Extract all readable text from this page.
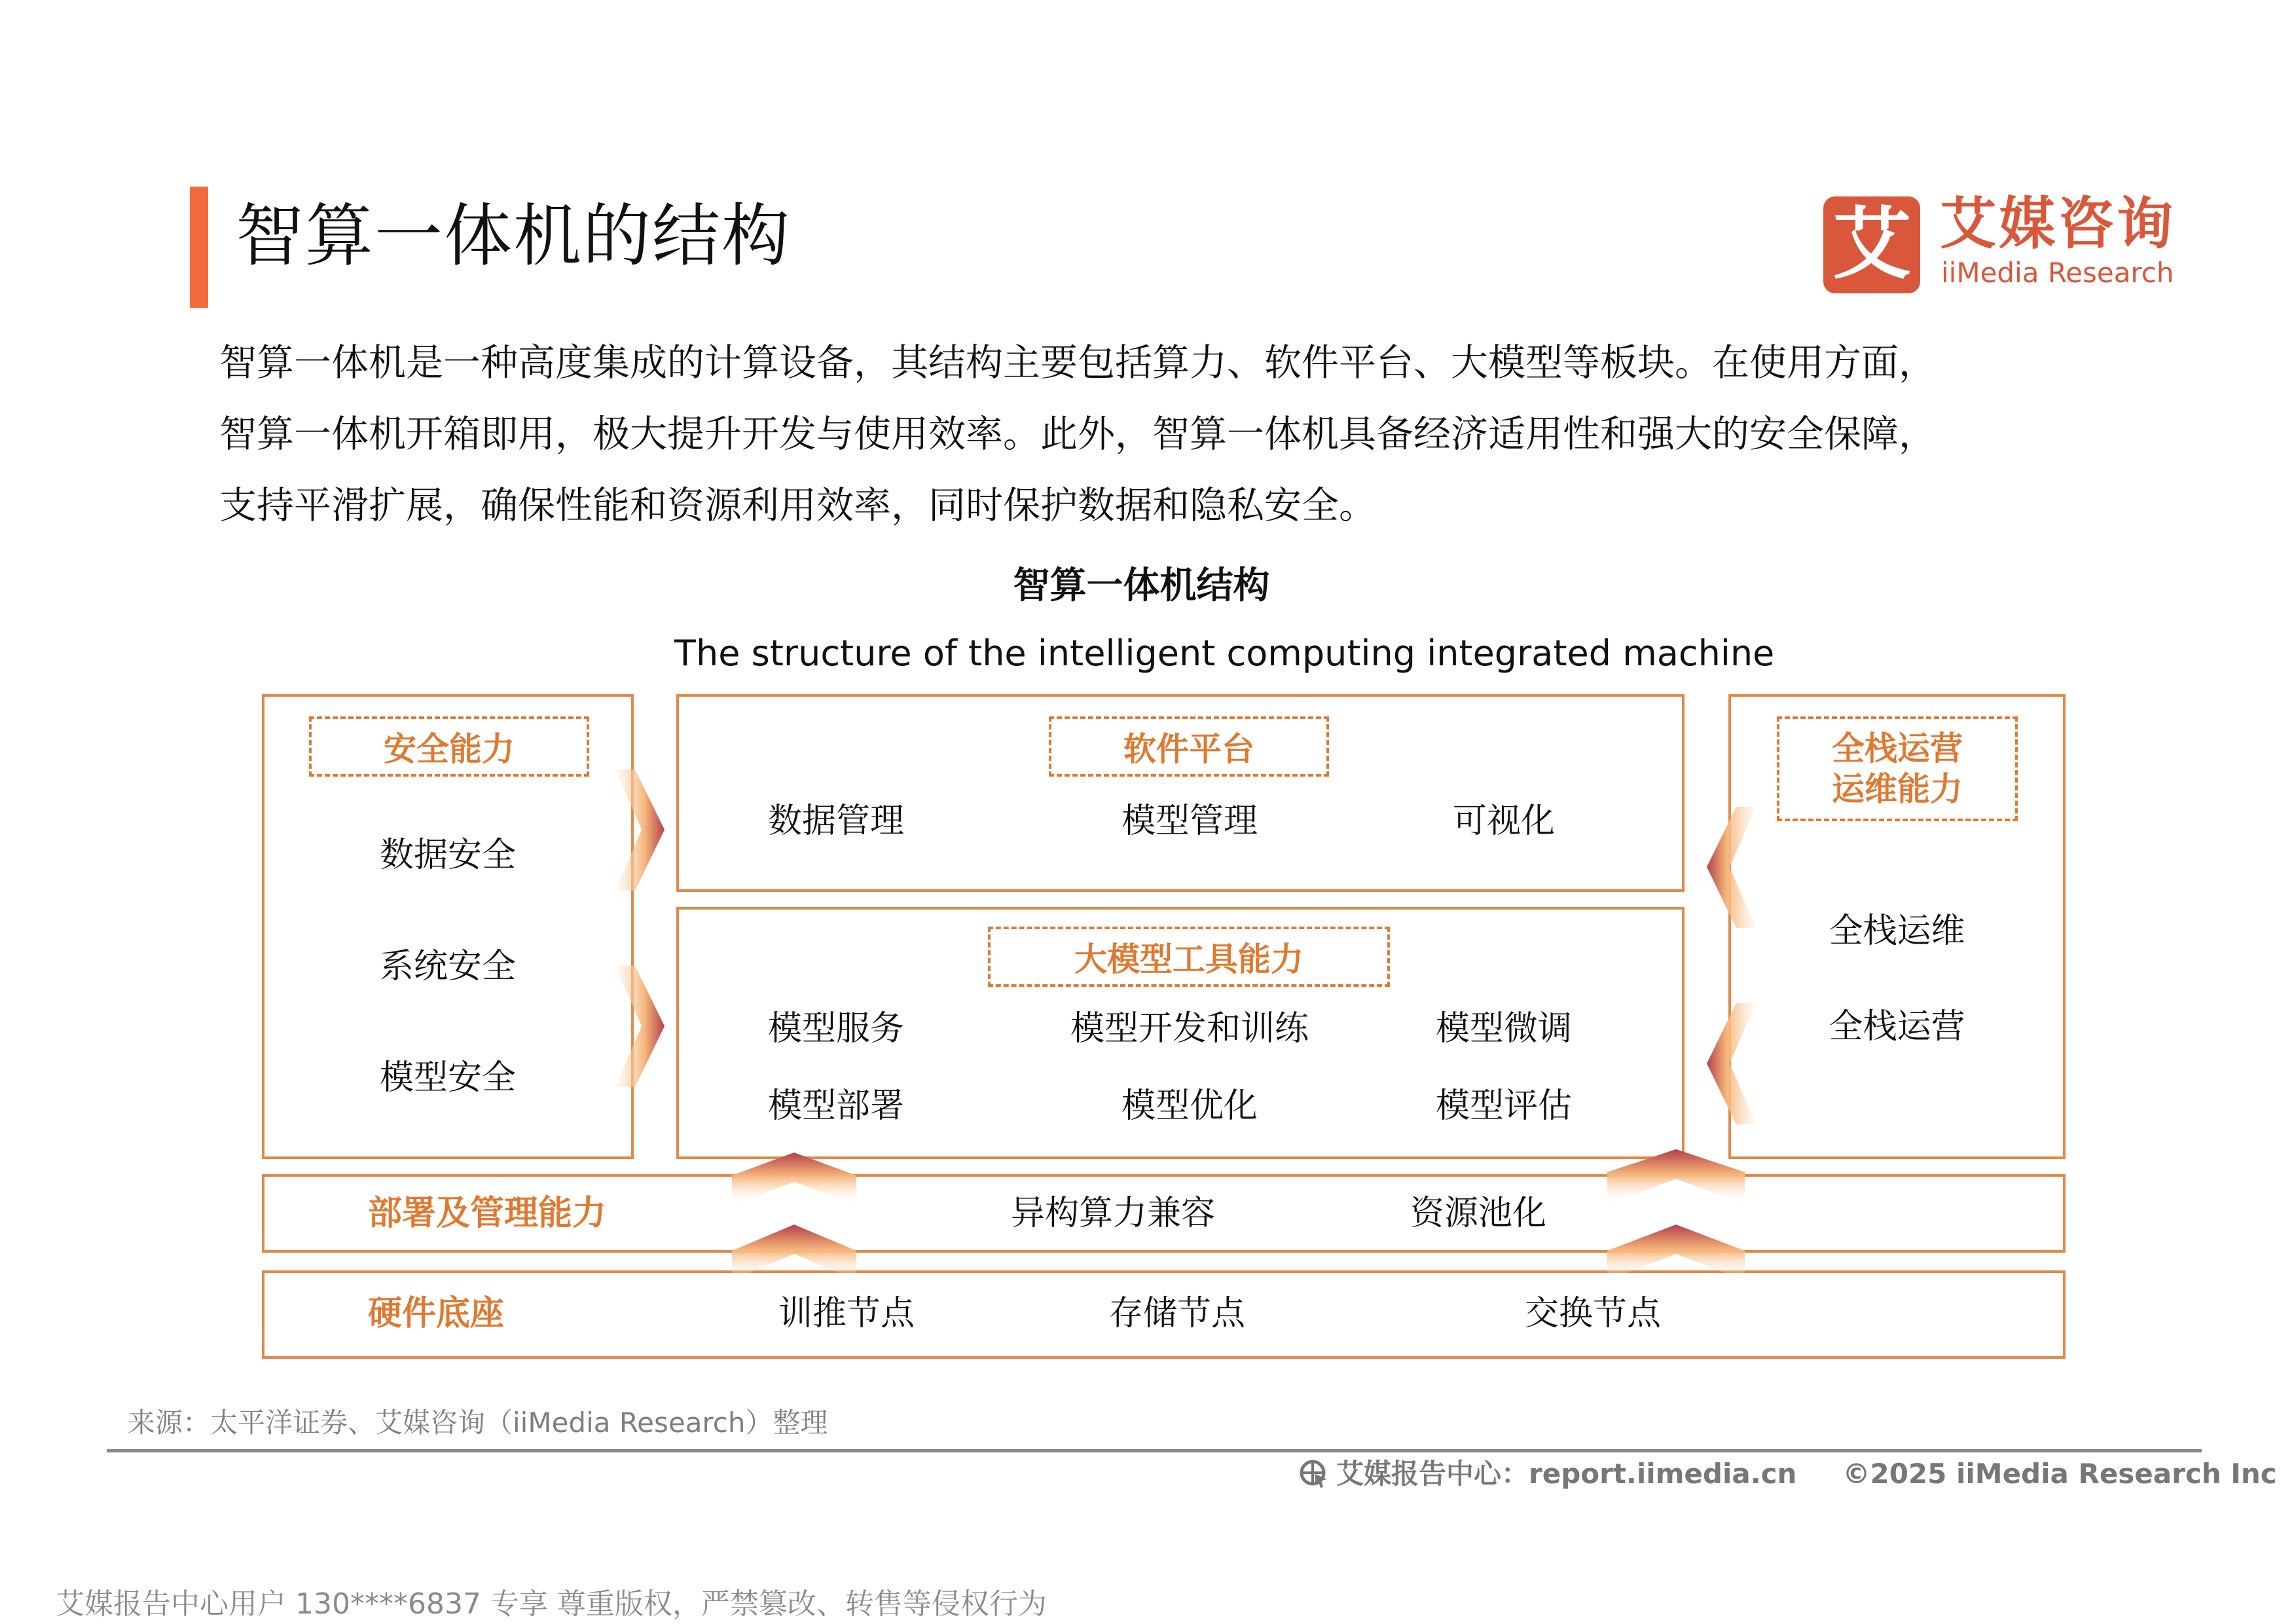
智算一体机的结构	艾 艾媒咨询
iiMedia Research
智算一体机是一种高度集成的计算设备，其结构主要包括算力、软件平台、大模型等板块。在使用方面，
智算一体机开箱即用，极大提升开发与使用效率。此外，智算一体机具备经济适用性和强大的安全保障，
支持平滑扩展，确保性能和资源利用效率，同时保护数据和隐私安全。
智算一体机结构
The structure of the intelligent computing integrated machine
安全能力
数据安全
系统安全
模型安全
软件平台
数据管理	模型管理	可视化
大模型工具能力
模型服务	模型开发和训练	模型微调
模型部署	模型优化	模型评估
全栈运营
运维能力
全栈运维
全栈运营
部署及管理能力	异构算力兼容	资源池化
硬件底座	训推节点	存储节点	交换节点
来源：太平洋证券、艾媒咨询（iiMedia Research）整理
艾媒报告中心：report.iimedia.cn ©2025 iiMedia Research Inc
艾媒报告中心用户 130****6837 专享 尊重版权，严禁篡改、转售等侵权行为
